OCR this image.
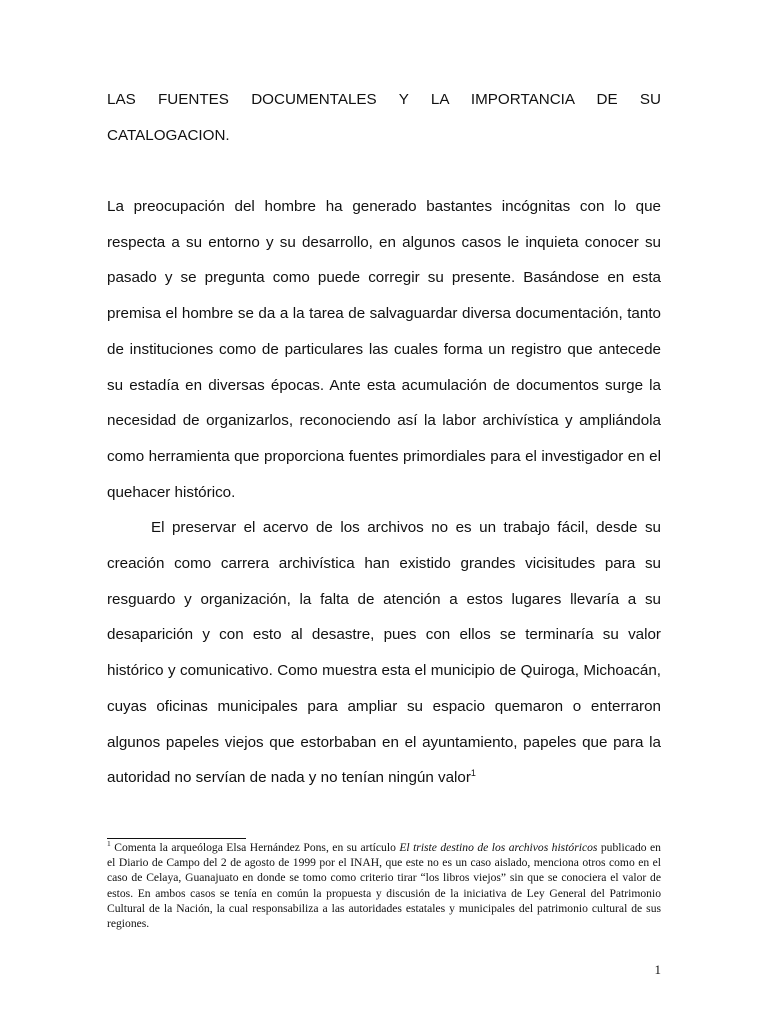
LAS FUENTES DOCUMENTALES Y LA IMPORTANCIA DE SU
CATALOGACION.

La preocupación del hombre ha generado bastantes incógnitas con lo que respecta a su entorno y su desarrollo, en algunos casos le inquieta conocer su pasado y se pregunta como puede corregir su presente. Basándose en esta premisa el hombre se da a la tarea de salvaguardar diversa documentación, tanto de instituciones como de particulares las cuales forma un registro que antecede su estadía en diversas épocas. Ante esta acumulación de documentos surge la necesidad de organizarlos, reconociendo así la labor archivística y ampliándola como herramienta que proporciona fuentes primordiales para el investigador en el quehacer histórico.

El preservar el acervo de los archivos no es un trabajo fácil, desde su creación como carrera archivística han existido grandes vicisitudes para su resguardo y organización, la falta de atención a estos lugares llevaría a su desaparición y con esto al desastre, pues con ellos se terminaría su valor histórico y comunicativo. Como muestra esta el municipio de Quiroga, Michoacán, cuyas oficinas municipales para ampliar su espacio quemaron o enterraron algunos papeles viejos que estorbaban en el ayuntamiento, papeles que para la autoridad no servían de nada y no tenían ningún valor$^1$

$^1$ Comenta la arqueóloga Elsa Hernández Pons, en su artículo El triste destino de los archivos históricos publicado en el Diario de Campo del 2 de agosto de 1999 por el INAH, que este no es un caso aislado, menciona otros como en el caso de Celaya, Guanajuato en donde se tomo como criterio tirar “los libros viejos” sin que se conociera el valor de estos. En ambos casos se tenía en común la propuesta y discusión de la iniciativa de Ley General del Patrimonio Cultural de la Nación, la cual responsabiliza a las autoridades estatales y municipales del patrimonio cultural de sus regiones.
1
